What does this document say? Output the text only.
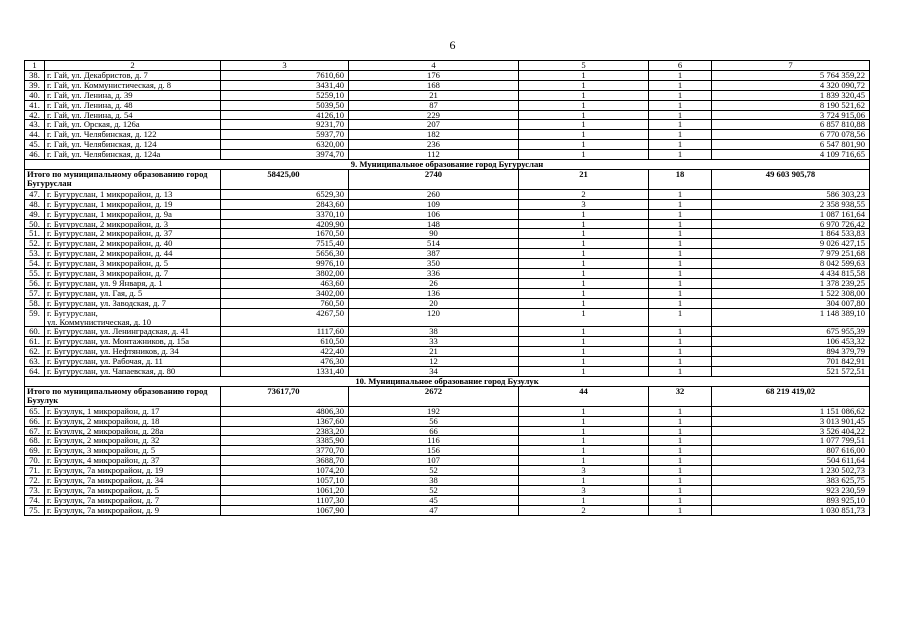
6
1	2	3	4	5	6	7
38.	г. Гай, ул. Декабристов, д. 7	7610,60	176	1	1	5 764 359,22
39.	г. Гай, ул. Коммунистическая, д. 8	3431,40	168	1	1	4 320 090,72
40.	г. Гай, ул. Ленина, д. 39	5259,10	21	1	1	1 839 320,45
41.	г. Гай, ул. Ленина, д. 48	5039,50	87	1	1	8 190 521,62
42.	г. Гай, ул. Ленина, д. 54	4126,10	229	1	1	3 724 915,06
43.	г. Гай, ул. Орская, д. 126а	9231,70	207	1	1	6 857 810,88
44.	г. Гай, ул. Челябинская, д. 122	5937,70	182	1	1	6 770 078,56
45.	г. Гай, ул. Челябинская, д. 124	6320,00	236	1	1	6 547 801,90
46.	г. Гай, ул. Челябинская, д. 124а	3974,70	112	1	1	4 109 716,65
9. Муниципальное образование город Бугуруслан						
Итого по муниципальному образованию город Бугуруслан		58425,00	2740	21	18	49 603 905,78
47.	г. Бугуруслан, 1 микрорайон, д. 13	6529,30	260	2	1	586 303,23
48.	г. Бугуруслан, 1 микрорайон, д. 19	2843,60	109	3	1	2 358 938,55
49.	г. Бугуруслан, 1 микрорайон, д. 9а	3370,10	106	1	1	1 087 161,64
50.	г. Бугуруслан, 2 микрорайон, д. 3	4209,90	148	1	1	6 970 726,42
51.	г. Бугуруслан, 2 микрорайон, д. 37	1670,50	90	1	1	1 864 533,83
52.	г. Бугуруслан, 2 микрорайон, д. 40	7515,40	514	1	1	9 026 427,15
53.	г. Бугуруслан, 2 микрорайон, д. 44	5656,30	387	1	1	7 979 251,68
54.	г. Бугуруслан, 3 микрорайон, д. 5	9976,10	350	1	1	8 042 599,63
55.	г. Бугуруслан, 3 микрорайон, д. 7	3802,00	336	1	1	4 434 815,58
56.	г. Бугуруслан, ул. 9 Января, д. 1	463,60	26	1	1	1 378 239,25
57.	г. Бугуруслан, ул. Гая, д. 5	3402,00	136	1	1	1 522 308,00
58.	г. Бугуруслан, ул. Заводская, д. 7	760,50	20	1	1	304 007,80
59.	г. Бугуруслан,
ул. Коммунистическая, д. 10	4267,50	120	1	1	1 148 389,10
60.	г. Бугуруслан, ул. Ленинградская, д. 41	1117,60	38	1	1	675 955,39
61.	г. Бугуруслан, ул. Монтажников, д. 15а	610,50	33	1	1	106 453,32
62.	г. Бугуруслан, ул. Нефтяников, д. 34	422,40	21	1	1	894 379,79
63.	г. Бугуруслан, ул. Рабочая, д. 11	476,30	12	1	1	701 842,91
64.	г. Бугуруслан, ул. Чапаевская, д. 80	1331,40	34	1	1	521 572,51
10. Муниципальное образование город Бузулук						
Итого по муниципальному образованию город Бузулук		73617,70	2672	44	32	68 219 419,02
65.	г. Бузулук, 1 микрорайон, д. 17	4806,30	192	1	1	1 151 086,62
66.	г. Бузулук, 2 микрорайон, д. 18	1367,60	56	1	1	3 013 901,45
67.	г. Бузулук, 2 микрорайон, д. 28а	2383,20	66	1	1	3 526 404,22
68.	г. Бузулук, 2 микрорайон, д. 32	3385,90	116	1	1	1 077 799,51
69.	г. Бузулук, 3 микрорайон, д. 5	3770,70	156	1	1	807 616,00
70.	г. Бузулук, 4 микрорайон, д. 37	3688,70	107	1	1	504 611,64
71.	г. Бузулук, 7а микрорайон, д. 19	1074,20	52	3	1	1 230 502,73
72.	г. Бузулук, 7а микрорайон, д. 34	1057,10	38	1	1	383 625,75
73.	г. Бузулук, 7а микрорайон, д. 5	1061,20	52	3	1	923 230,59
74.	г. Бузулук, 7а микрорайон, д. 7	1107,30	45	1	1	893 925,10
75.	г. Бузулук, 7а микрорайон, д. 9	1067,90	47	2	1	1 030 851,73
